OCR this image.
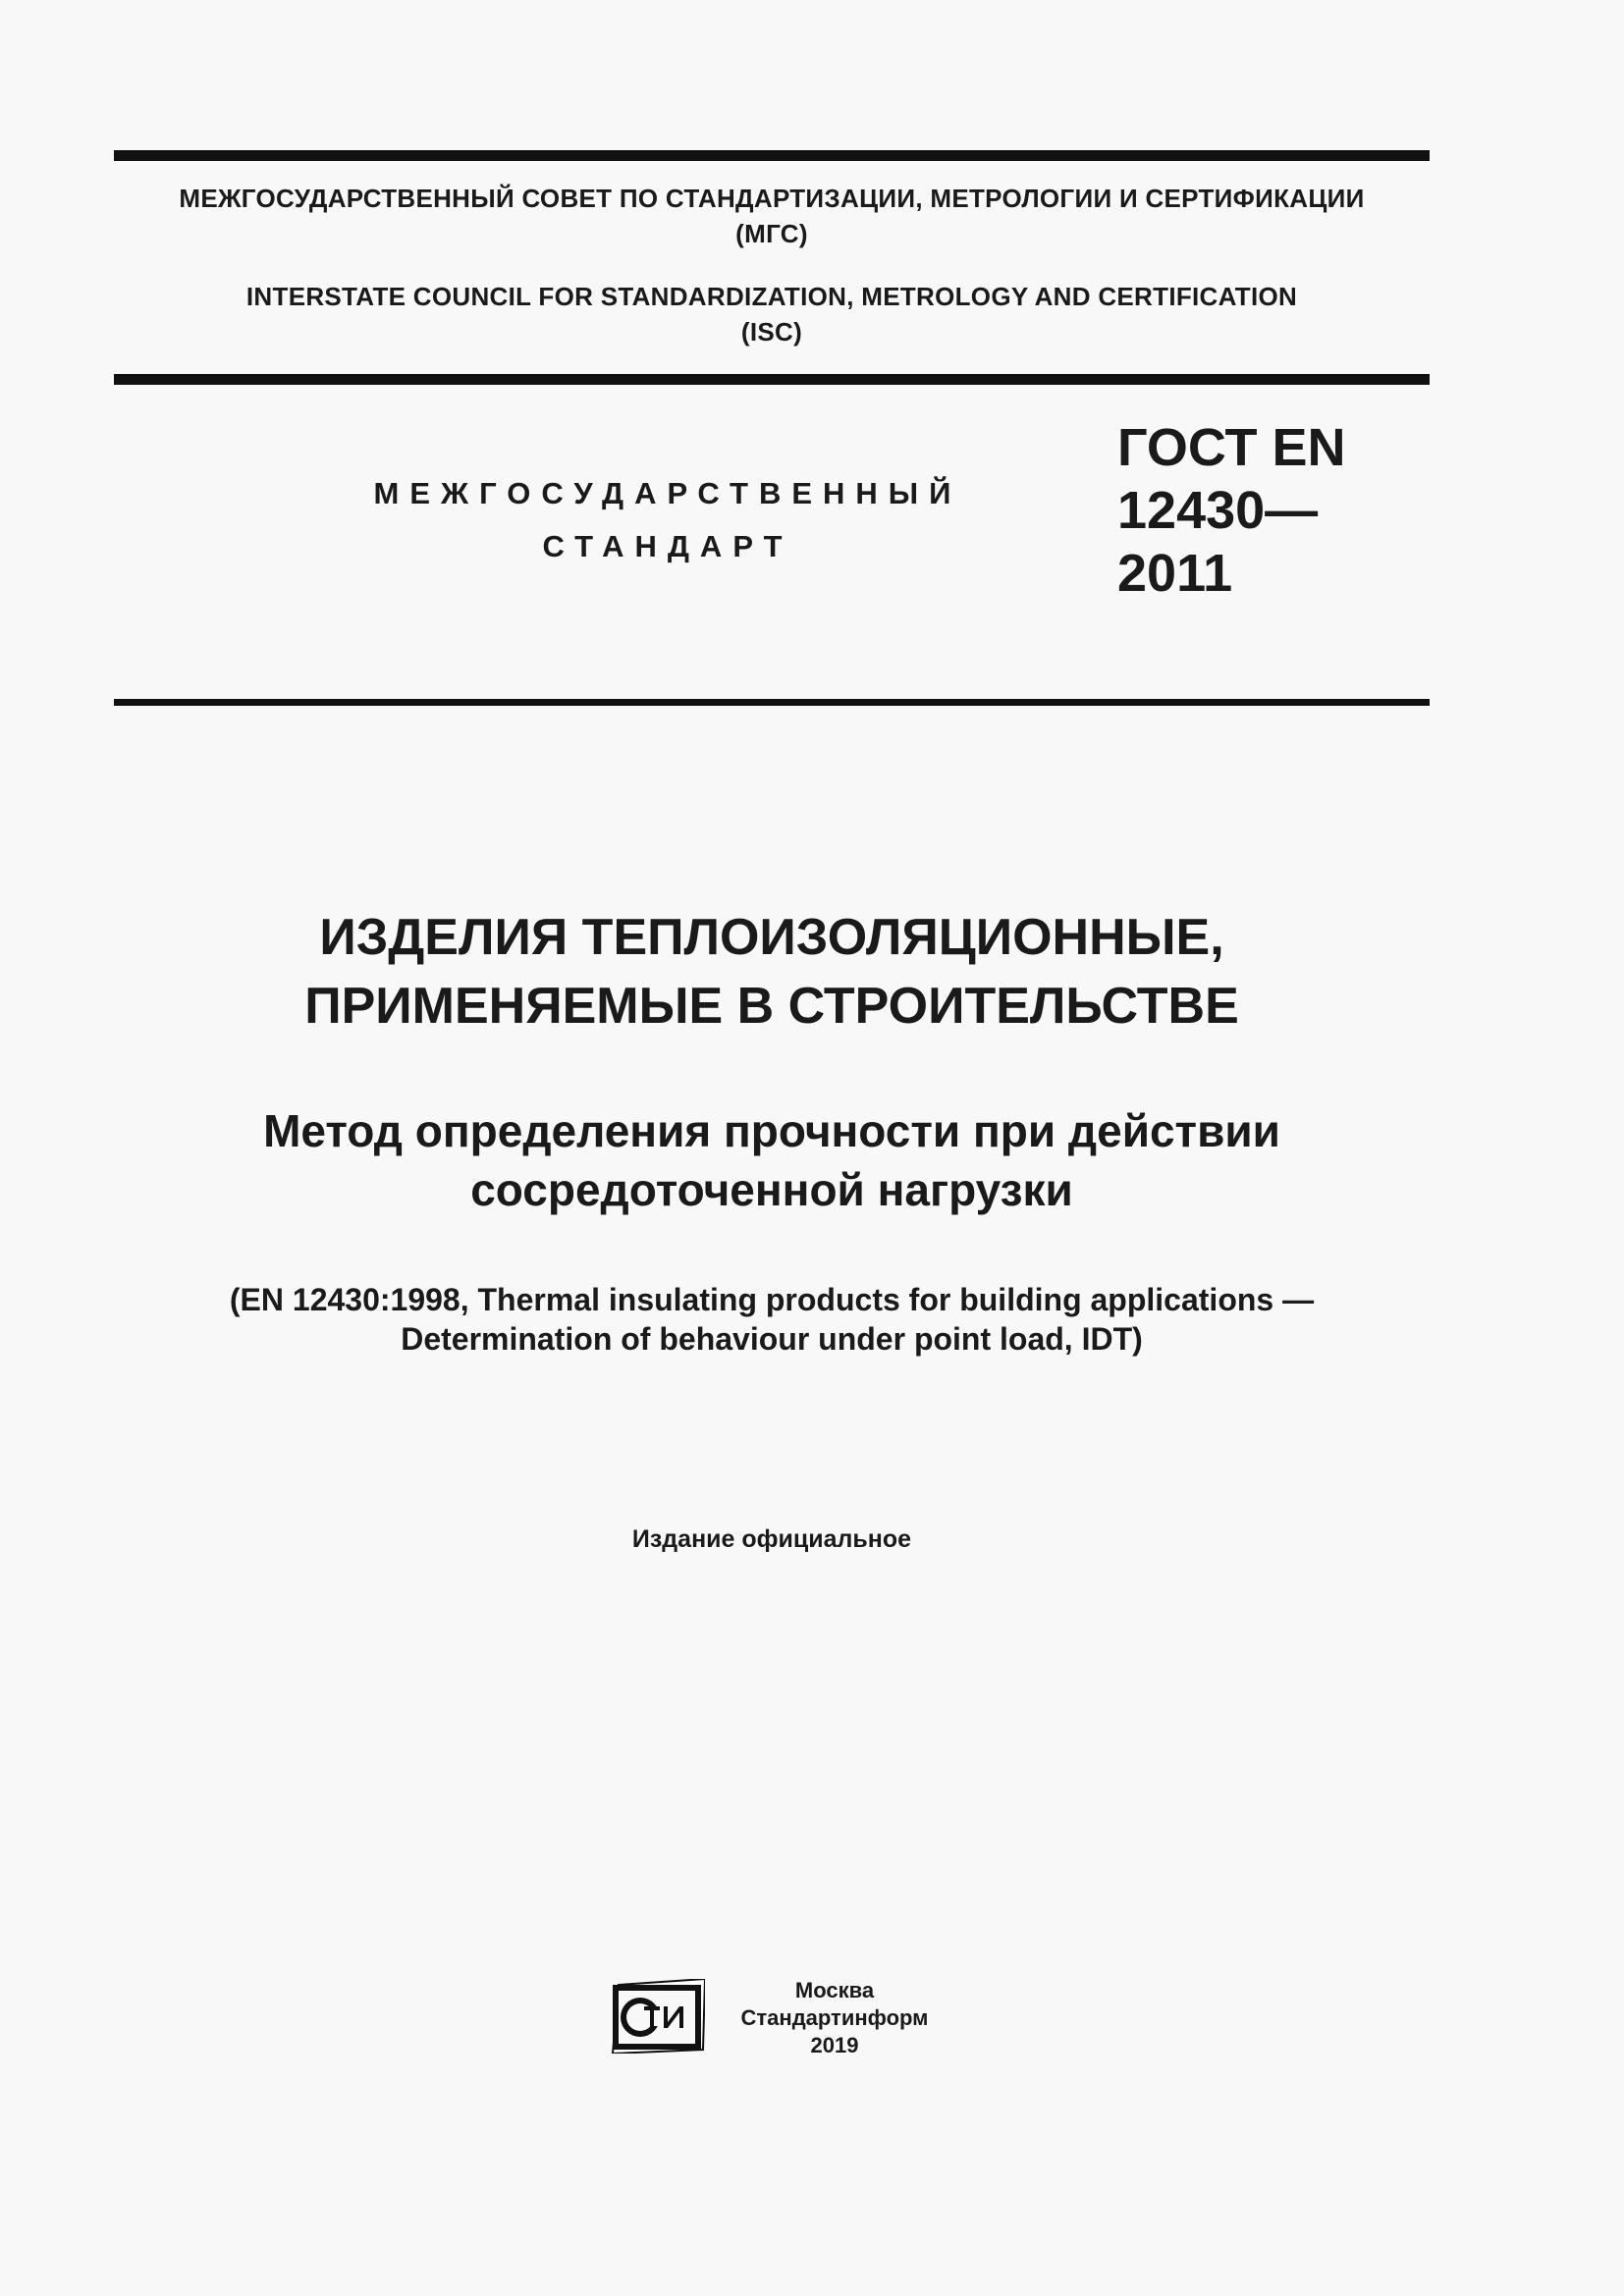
МЕЖГОСУДАРСТВЕННЫЙ СОВЕТ ПО СТАНДАРТИЗАЦИИ, МЕТРОЛОГИИ И СЕРТИФИКАЦИИ
(МГС)
INTERSTATE COUNCIL FOR STANDARDIZATION, METROLOGY AND CERTIFICATION
(ISC)
МЕЖГОСУДАРСТВЕННЫЙ
СТАНДАРТ
ГОСТ EN
12430—
2011
ИЗДЕЛИЯ ТЕПЛОИЗОЛЯЦИОННЫЕ,
ПРИМЕНЯЕМЫЕ В СТРОИТЕЛЬСТВЕ
Метод определения прочности при действии
сосредоточенной нагрузки
(EN 12430:1998, Thermal insulating products for building applications —
Determination of behaviour under point load, IDT)
Издание официальное
Москва
Стандартинформ
2019
